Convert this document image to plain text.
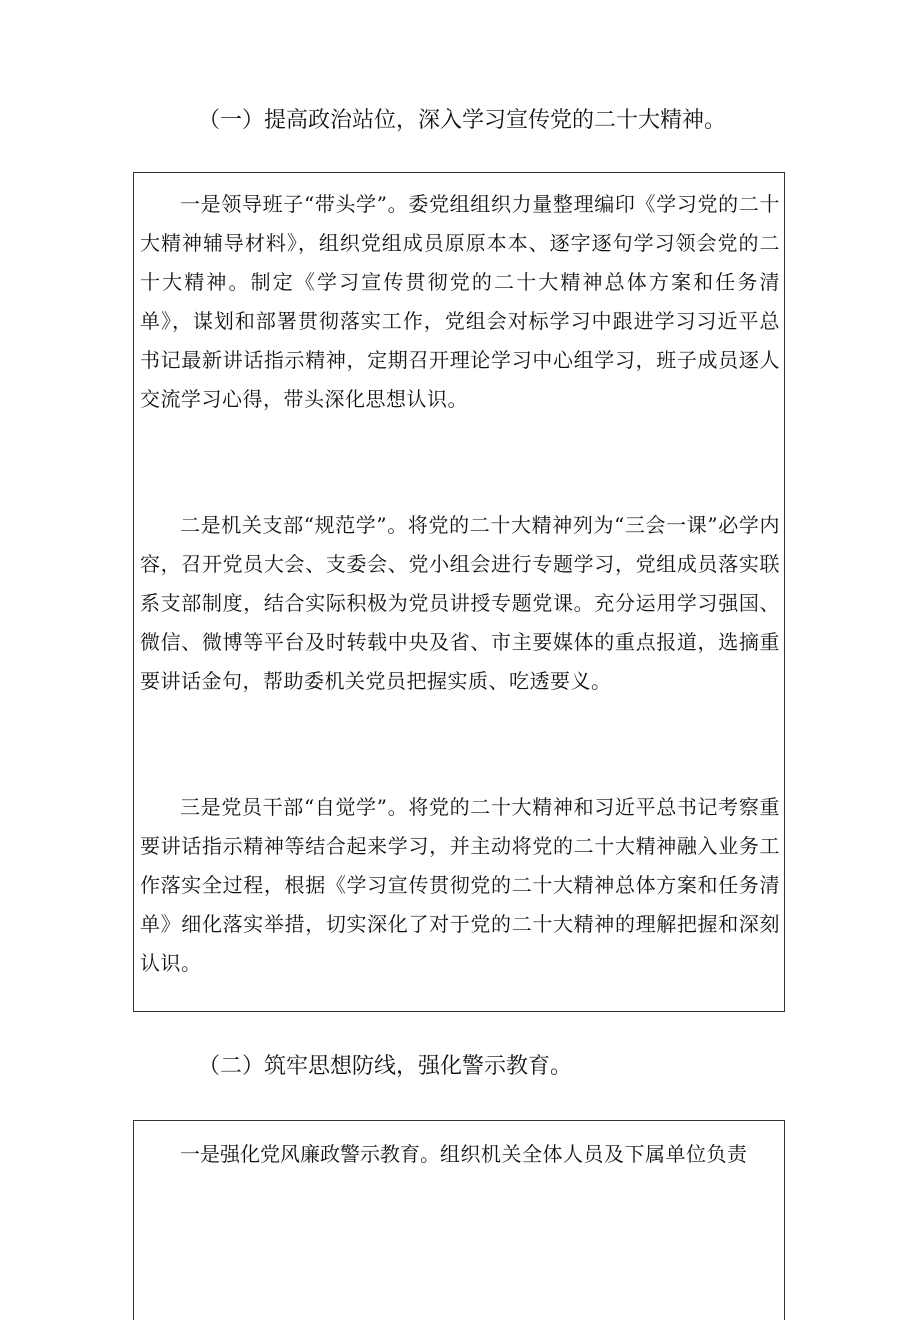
（一）提高政治站位，深入学习宣传党的二十大精神。

一是领导班子“带头学”。委党组组织力量整理编印《学习党的二十大精神辅导材料》，组织党组成员原原本本、逐字逐句学习领会党的二十大精神。制定《学习宣传贯彻党的二十大精神总体方案和任务清单》，谋划和部署贯彻落实工作，党组会对标学习中跟进学习习近平总书记最新讲话指示精神，定期召开理论学习中心组学习，班子成员逐人交流学习心得，带头深化思想认识。

二是机关支部“规范学”。将党的二十大精神列为“三会一课”必学内容，召开党员大会、支委会、党小组会进行专题学习，党组成员落实联系支部制度，结合实际积极为党员讲授专题党课。充分运用学习强国、微信、微博等平台及时转载中央及省、市主要媒体的重点报道，选摘重要讲话金句，帮助委机关党员把握实质、吃透要义。

三是党员干部“自觉学”。将党的二十大精神和习近平总书记考察重要讲话指示精神等结合起来学习，并主动将党的二十大精神融入业务工作落实全过程，根据《学习宣传贯彻党的二十大精神总体方案和任务清单》细化落实举措，切实深化了对于党的二十大精神的理解把握和深刻认识。

（二）筑牢思想防线，强化警示教育。

一是强化党风廉政警示教育。组织机关全体人员及下属单位负责
